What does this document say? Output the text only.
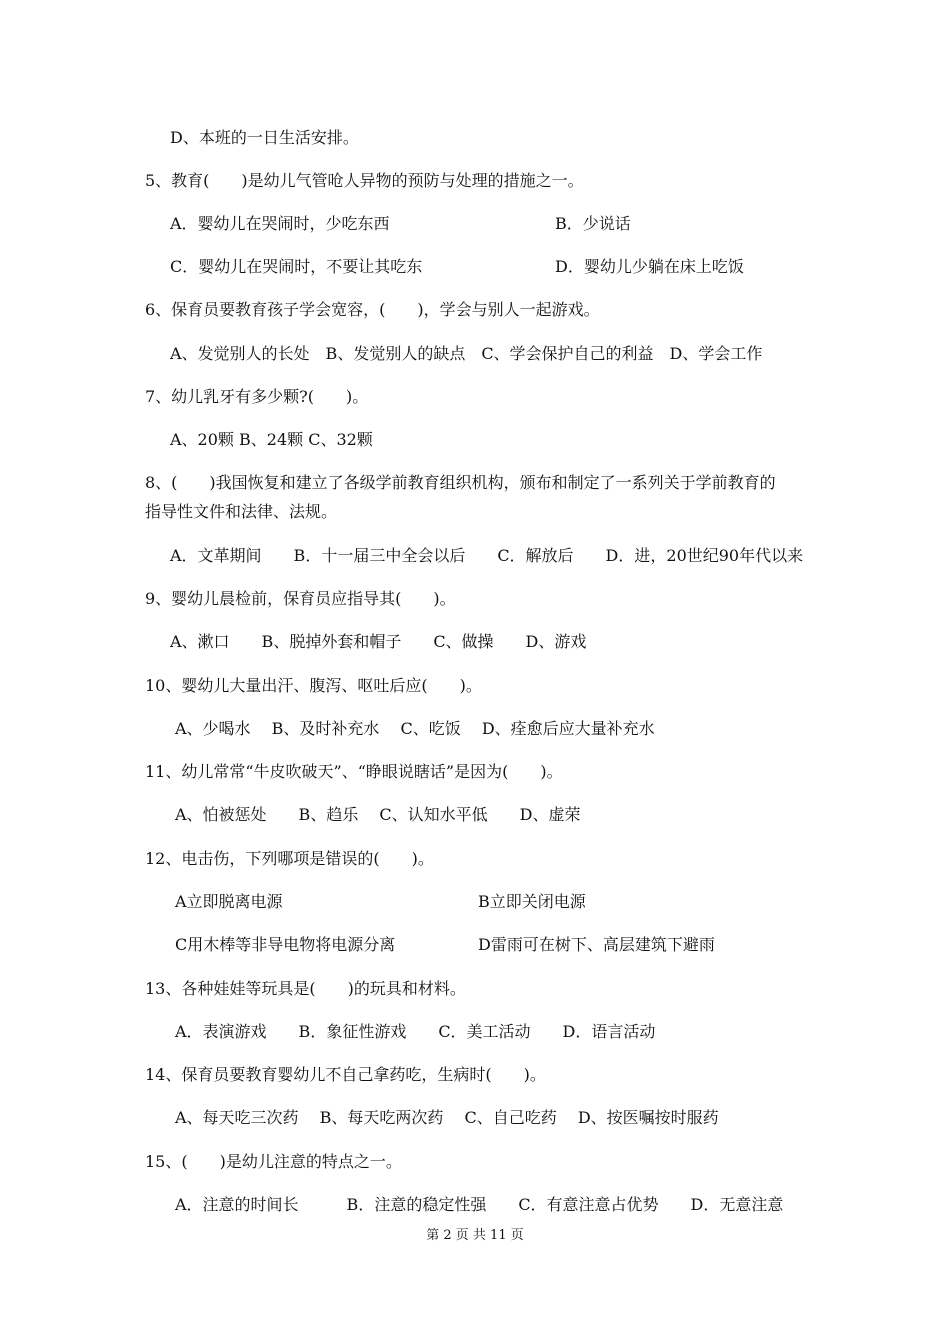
D、本班的一日生活安排。
5、教育(　　)是幼儿气管呛人异物的预防与处理的措施之一。
A．婴幼儿在哭闹时，少吃东西	B．少说话
C．婴幼儿在哭闹时，不要让其吃东	D．婴幼儿少躺在床上吃饭
6、保育员要教育孩子学会宽容，(　　)，学会与别人一起游戏。
A、发觉别人的长处　B、发觉别人的缺点　C、学会保护自己的利益　D、学会工作
7、幼儿乳牙有多少颗?(　　)。
A、20颗 B、24颗 C、32颗
8、(　　)我国恢复和建立了各级学前教育组织机构，颁布和制定了一系列关于学前教育的
指导性文件和法律、法规。
A．文革期间　　B．十一届三中全会以后　　C．解放后　　D．进，20世纪90年代以来
9、婴幼儿晨检前，保育员应指导其(　　)。
A、漱口　　B、脱掉外套和帽子　　C、做操　　D、游戏
10、婴幼儿大量出汗、腹泻、呕吐后应(　　)。
A、少喝水　 B、及时补充水　 C、吃饭　 D、痊愈后应大量补充水
11、幼儿常常“牛皮吹破天”、“睁眼说瞎话”是因为(　　)。
A、怕被惩处　　B、趋乐　 C、认知水平低　　D、虚荣
12、电击伤，下列哪项是错误的(　　)。
A立即脱离电源	B立即关闭电源
C用木棒等非导电物将电源分离	D雷雨可在树下、高层建筑下避雨
13、各种娃娃等玩具是(　　)的玩具和材料。
A．表演游戏　　B．象征性游戏　　C．美工活动　　D．语言活动
14、保育员要教育婴幼儿不自己拿药吃，生病时(　　)。
A、每天吃三次药　 B、每天吃两次药　 C、自己吃药　 D、按医嘱按时服药
15、(　　)是幼儿注意的特点之一。
A．注意的时间长　　　B．注意的稳定性强　　C．有意注意占优势　　D．无意注意
第 2 页 共 11 页
